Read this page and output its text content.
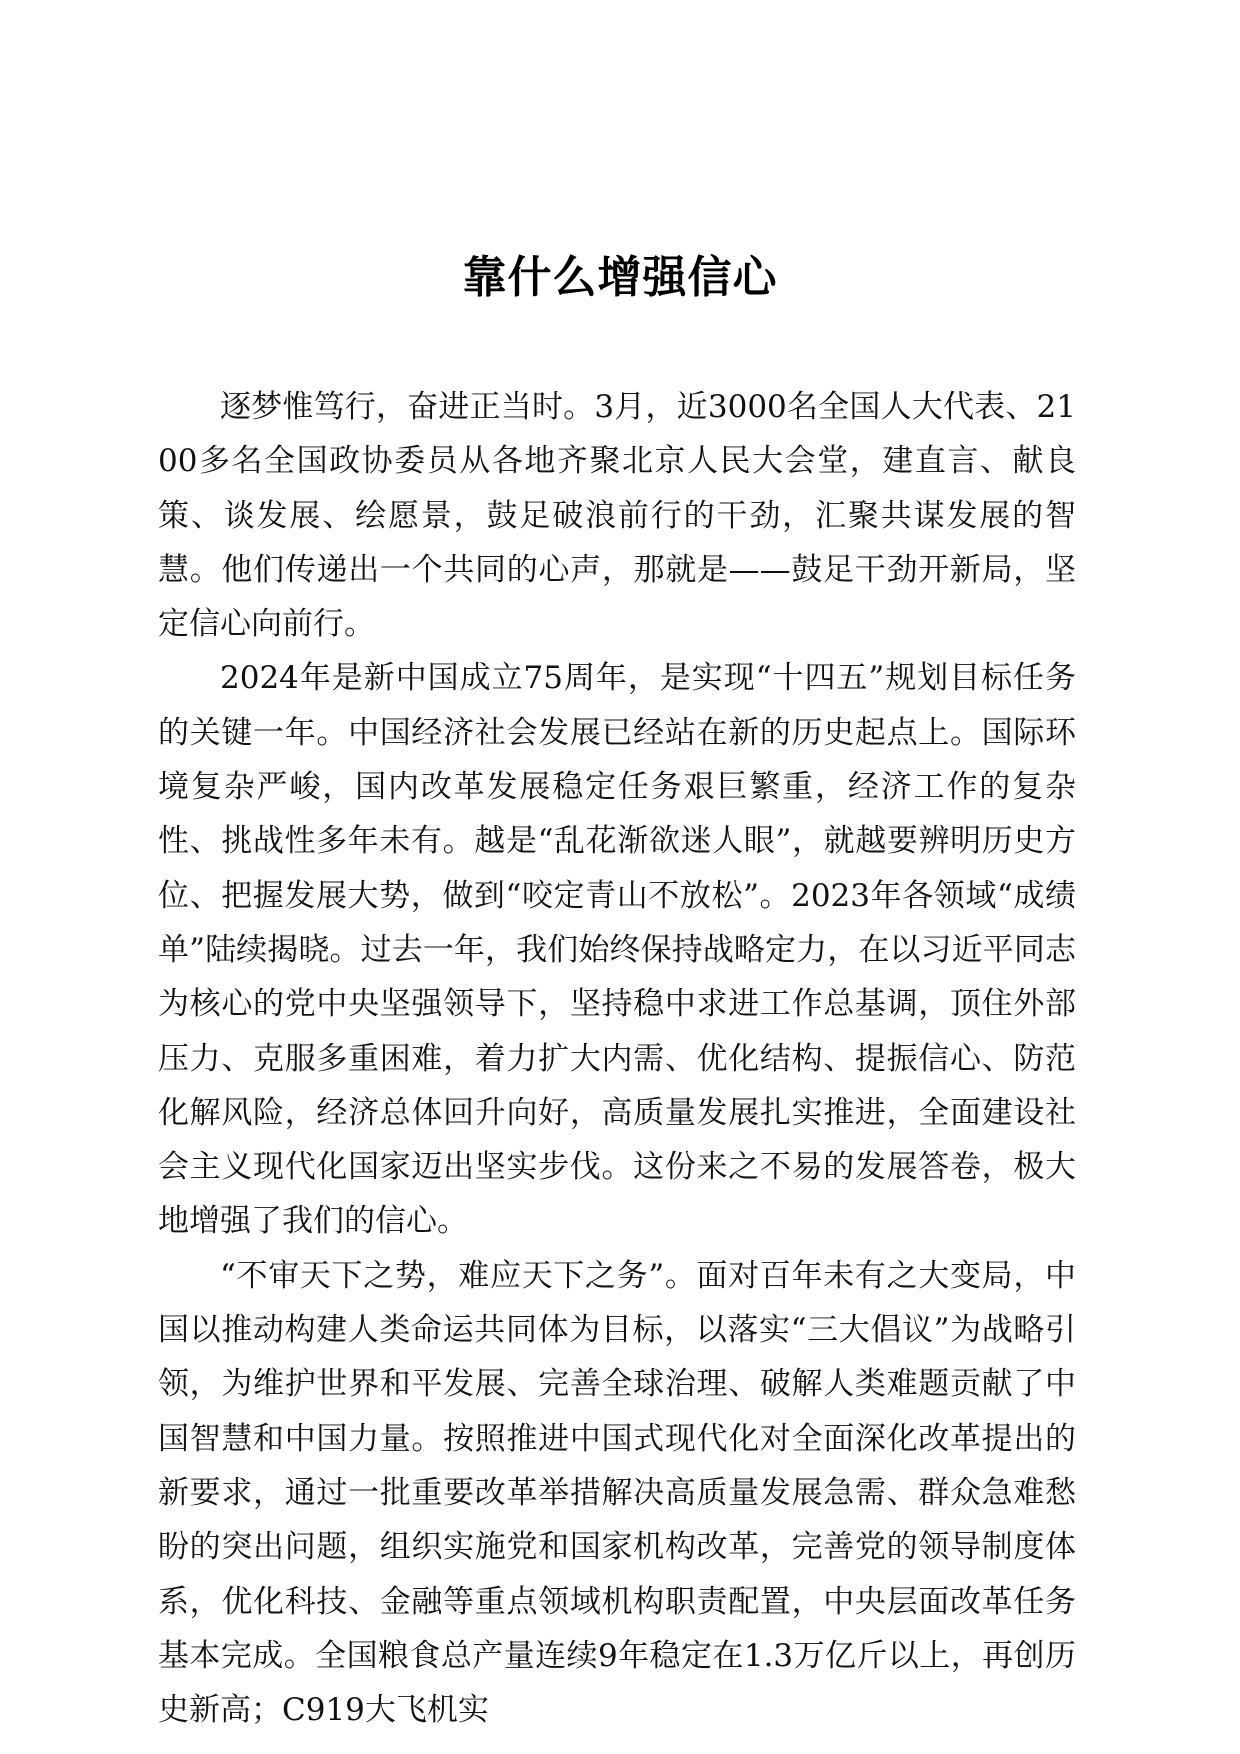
靠什么增强信心

逐梦惟笃行，奋进正当时。3月，近3000名全国人大代表、2100多名全国政协委员从各地齐聚北京人民大会堂，建直言、献良策、谈发展、绘愿景，鼓足破浪前行的干劲，汇聚共谋发展的智慧。他们传递出一个共同的心声，那就是——鼓足干劲开新局，坚定信心向前行。

2024年是新中国成立75周年，是实现“十四五”规划目标任务的关键一年。中国经济社会发展已经站在新的历史起点上。国际环境复杂严峻，国内改革发展稳定任务艰巨繁重，经济工作的复杂性、挑战性多年未有。越是“乱花渐欲迷人眼”，就越要辨明历史方位、把握发展大势，做到“咬定青山不放松”。2023年各领域“成绩单”陆续揭晓。过去一年，我们始终保持战略定力，在以习近平同志为核心的党中央坚强领导下，坚持稳中求进工作总基调，顶住外部压力、克服多重困难，着力扩大内需、优化结构、提振信心、防范化解风险，经济总体回升向好，高质量发展扎实推进，全面建设社会主义现代化国家迈出坚实步伐。这份来之不易的发展答卷，极大地增强了我们的信心。

“不审天下之势，难应天下之务”。面对百年未有之大变局，中国以推动构建人类命运共同体为目标，以落实“三大倡议”为战略引领，为维护世界和平发展、完善全球治理、破解人类难题贡献了中国智慧和中国力量。按照推进中国式现代化对全面深化改革提出的新要求，通过一批重要改革举措解决高质量发展急需、群众急难愁盼的突出问题，组织实施党和国家机构改革，完善党的领导制度体系，优化科技、金融等重点领域机构职责配置，中央层面改革任务基本完成。全国粮食总产量连续9年稳定在1.3万亿斤以上，再创历史新高；C919大飞机实
